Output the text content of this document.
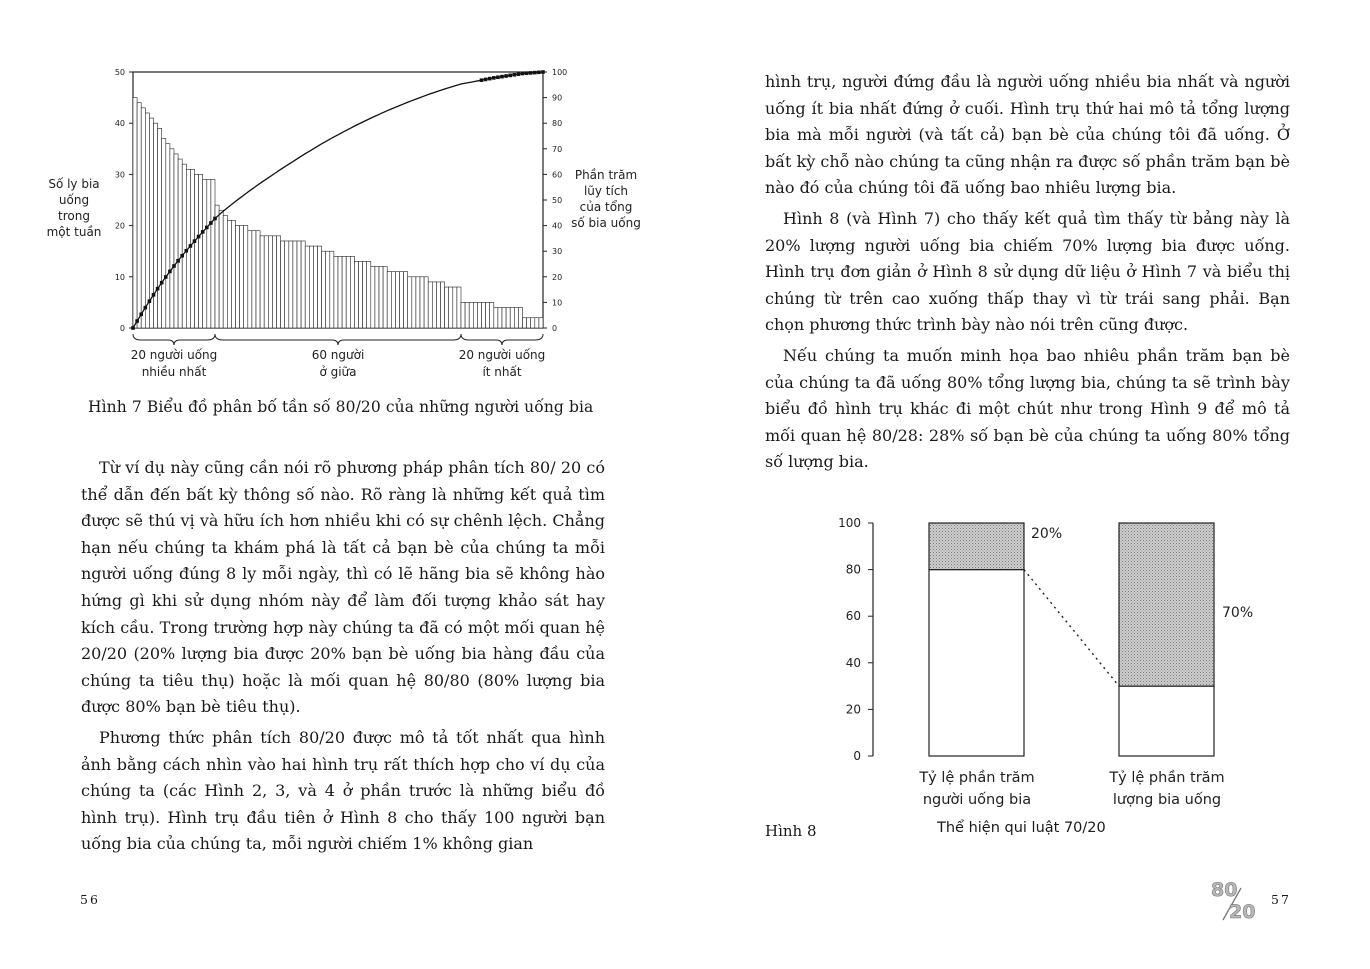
0
10
20
30
40
50
0
10
20
30
40
50
60
70
80
90
100
Số ly bia
uống
trong
một tuần
Phần trăm
lũy tích
của tổng
số bia uống
20 người uống
nhiều nhất
60 người
ở giữa
20 người uống
ít nhất
Hình 7 Biểu đồ phân bố tần số 80/20 của những người uống bia

Từ ví dụ này cũng cần nói rõ phương pháp phân tích 80/ 20 có thể dẫn đến bất kỳ thông số nào. Rõ ràng là những kết quả tìm được sẽ thú vị và hữu ích hơn nhiều khi có sự chênh lệch. Chẳng hạn nếu chúng ta khám phá là tất cả bạn bè của chúng ta mỗi người uống đúng 8 ly mỗi ngày, thì có lẽ hãng bia sẽ không hào hứng gì khi sử dụng nhóm này để làm đối tượng khảo sát hay kích cầu. Trong trường hợp này chúng ta đã có một mối quan hệ 20/20 (20% lượng bia được 20% bạn bè uống bia hàng đầu của chúng ta tiêu thụ) hoặc là mối quan hệ 80/80 (80% lượng bia được 80% bạn bè tiêu thụ).

Phương thức phân tích 80/20 được mô tả tốt nhất qua hình ảnh bằng cách nhìn vào hai hình trụ rất thích hợp cho ví dụ của chúng ta (các Hình 2, 3, và 4 ở phần trước là những biểu đồ hình trụ). Hình trụ đầu tiên ở Hình 8 cho thấy 100 người bạn uống bia của chúng ta, mỗi người chiếm 1% không gian

56

hình trụ, người đứng đầu là người uống nhiều bia nhất và người uống ít bia nhất đứng ở cuối. Hình trụ thứ hai mô tả tổng lượng bia mà mỗi người (và tất cả) bạn bè của chúng tôi đã uống. Ở bất kỳ chỗ nào chúng ta cũng nhận ra được số phần trăm bạn bè nào đó của chúng tôi đã uống bao nhiêu lượng bia.

Hình 8 (và Hình 7) cho thấy kết quả tìm thấy từ bảng này là 20% lượng người uống bia chiếm 70% lượng bia được uống. Hình trụ đơn giản ở Hình 8 sử dụng dữ liệu ở Hình 7 và biểu thị chúng từ trên cao xuống thấp thay vì từ trái sang phải. Bạn chọn phương thức trình bày nào nói trên cũng được.

Nếu chúng ta muốn minh họa bao nhiêu phần trăm bạn bè của chúng ta đã uống 80% tổng lượng bia, chúng ta sẽ trình bày biểu đồ hình trụ khác đi một chút như trong Hình 9 để mô tả mối quan hệ 80/28: 28% số bạn bè của chúng ta uống 80% tổng số lượng bia.

0
20
40
60
80
100
20%
70%
Tỷ lệ phần trăm
người uống bia
Tỷ lệ phần trăm
lượng bia uống
Hình 8	Thể hiện qui luật 70/20
80
20
57
